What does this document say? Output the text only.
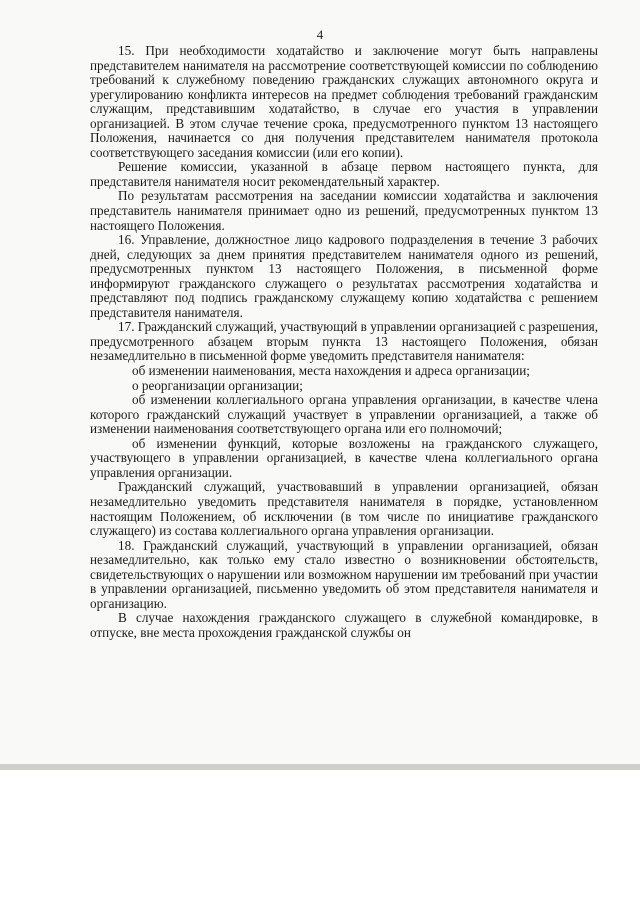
4

15. При необходимости ходатайство и заключение могут быть направлены представителем нанимателя на рассмотрение соответствующей комиссии по соблюдению требований к служебному поведению гражданских служащих автономного округа и урегулированию конфликта интересов на предмет соблюдения требований гражданским служащим, представившим ходатайство, в случае его участия в управлении организацией. В этом случае течение срока, предусмотренного пунктом 13 настоящего Положения, начинается со дня получения представителем нанимателя протокола соответствующего заседания комиссии (или его копии).

Решение комиссии, указанной в абзаце первом настоящего пункта, для представителя нанимателя носит рекомендательный характер.

По результатам рассмотрения на заседании комиссии ходатайства и заключения представитель нанимателя принимает одно из решений, предусмотренных пунктом 13 настоящего Положения.

16. Управление, должностное лицо кадрового подразделения в течение 3 рабочих дней, следующих за днем принятия представителем нанимателя одного из решений, предусмотренных пунктом 13 настоящего Положения, в письменной форме информируют гражданского служащего о результатах рассмотрения ходатайства и представляют под подпись гражданскому служащему копию ходатайства с решением представителя нанимателя.

17. Гражданский служащий, участвующий в управлении организацией с разрешения, предусмотренного абзацем вторым пункта 13 настоящего Положения, обязан незамедлительно в письменной форме уведомить представителя нанимателя:

об изменении наименования, места нахождения и адреса организации;

о реорганизации организации;

об изменении коллегиального органа управления организации, в качестве члена которого гражданский служащий участвует в управлении организацией, а также об изменении наименования соответствующего органа или его полномочий;

об изменении функций, которые возложены на гражданского служащего, участвующего в управлении организацией, в качестве члена коллегиального органа управления организации.

Гражданский служащий, участвовавший в управлении организацией, обязан незамедлительно уведомить представителя нанимателя в порядке, установленном настоящим Положением, об исключении (в том числе по инициативе гражданского служащего) из состава коллегиального органа управления организации.

18. Гражданский служащий, участвующий в управлении организацией, обязан незамедлительно, как только ему стало известно о возникновении обстоятельств, свидетельствующих о нарушении или возможном нарушении им требований при участии в управлении организацией, письменно уведомить об этом представителя нанимателя и организацию.

В случае нахождения гражданского служащего в служебной командировке, в отпуске, вне места прохождения гражданской службы он
